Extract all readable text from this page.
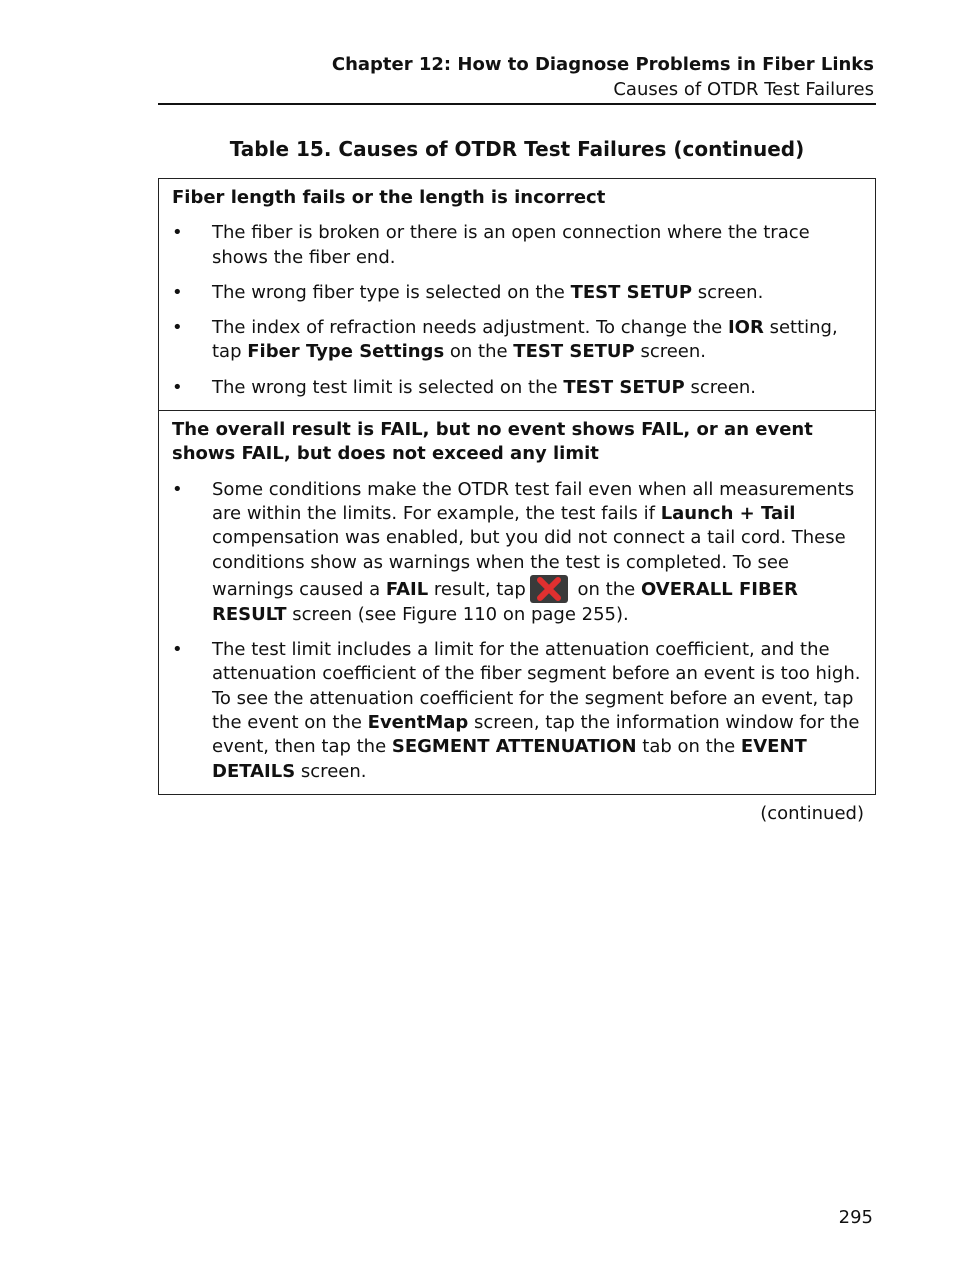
Chapter 12: How to Diagnose Problems in Fiber Links
Causes of OTDR Test Failures
Table 15. Causes of OTDR Test Failures (continued)
Fiber length fails or the length is incorrect
• The fiber is broken or there is an open connection where the trace shows the fiber end.
• The wrong fiber type is selected on the TEST SETUP screen.
• The index of refraction needs adjustment. To change the IOR setting, tap Fiber Type Settings on the TEST SETUP screen.
• The wrong test limit is selected on the TEST SETUP screen.
The overall result is FAIL, but no event shows FAIL, or an event shows FAIL, but does not exceed any limit
• Some conditions make the OTDR test fail even when all measurements are within the limits. For example, the test fails if Launch + Tail compensation was enabled, but you did not connect a tail cord. These conditions show as warnings when the test is completed. To see warnings caused a FAIL result, tap	on the OVERALL FIBER RESULT screen (see Figure 110 on page 255).
• The test limit includes a limit for the attenuation coefficient, and the attenuation coefficient of the fiber segment before an event is too high. To see the attenuation coefficient for the segment before an event, tap the event on the EventMap screen, tap the information window for the event, then tap the SEGMENT ATTENUATION tab on the EVENT DETAILS screen.
(continued)
295
